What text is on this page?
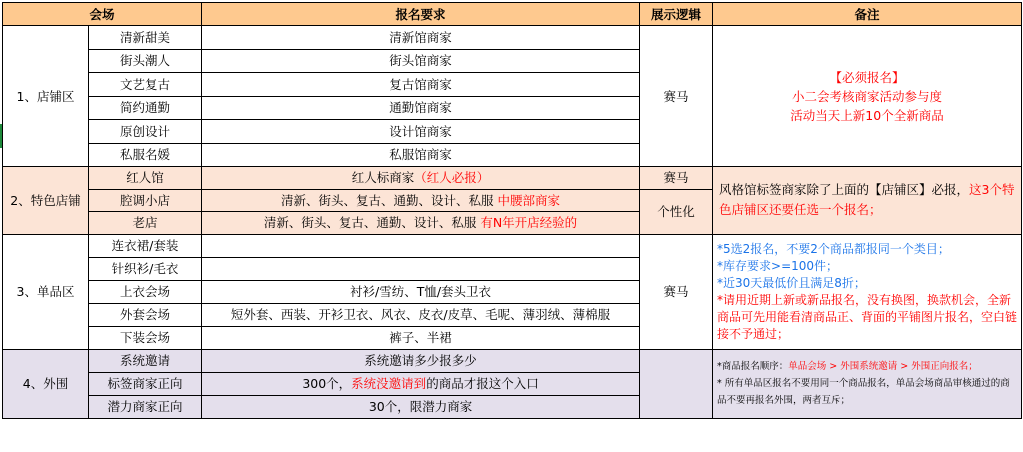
会场		报名要求	展示逻辑	备注
1、店铺区	清新甜美	清新馆商家	赛马	【必须报名】
小二会考核商家活动参与度
活动当天上新10个全新商品

	街头潮人	街头馆商家		
	文艺复古	复古馆商家		
	简约通勤	通勤馆商家		
	原创设计	设计馆商家		
	私服名媛	私服馆商家		
2、特色店铺	红人馆	红人标商家（红人必报）	赛马	风格馆标签商家除了上面的【店铺区】必报，这3个特色店铺区还要任选一个报名；
	腔调小店	清新、街头、复古、通勤、设计、私服 中腰部商家	个性化	
	老店	清新、街头、复古、通勤、设计、私服 有N年开店经验的		
3、单品区	连衣裙/套装		赛马	*5选2报名，不要2个商品都报同一个类目；
*库存要求>=100件；
*近30天最低价且满足8折；
*请用近期上新或新品报名，没有换图，换款机会，全新商品可先用能看清商品正、背面的平铺图片报名，空白链接不予通过；

	针织衫/毛衣			
	上衣会场	衬衫/雪纺、T恤/套头卫衣		
	外套会场	短外套、西装、开衫卫衣、风衣、皮衣/皮草、毛呢、薄羽绒、薄棉服		
	下装会场	裤子、半裙		
4、外围	系统邀请	系统邀请多少报多少		*商品报名顺序：单品会场 > 外围系统邀请 > 外围正向报名；
* 所有单品区报名不要用同一个商品报名，单品会场商品审核通过的商品不要再报名外围，两者互斥；

	标签商家正向	300个，系统没邀请到的商品才报这个入口		
	潜力商家正向	30个，限潜力商家		
